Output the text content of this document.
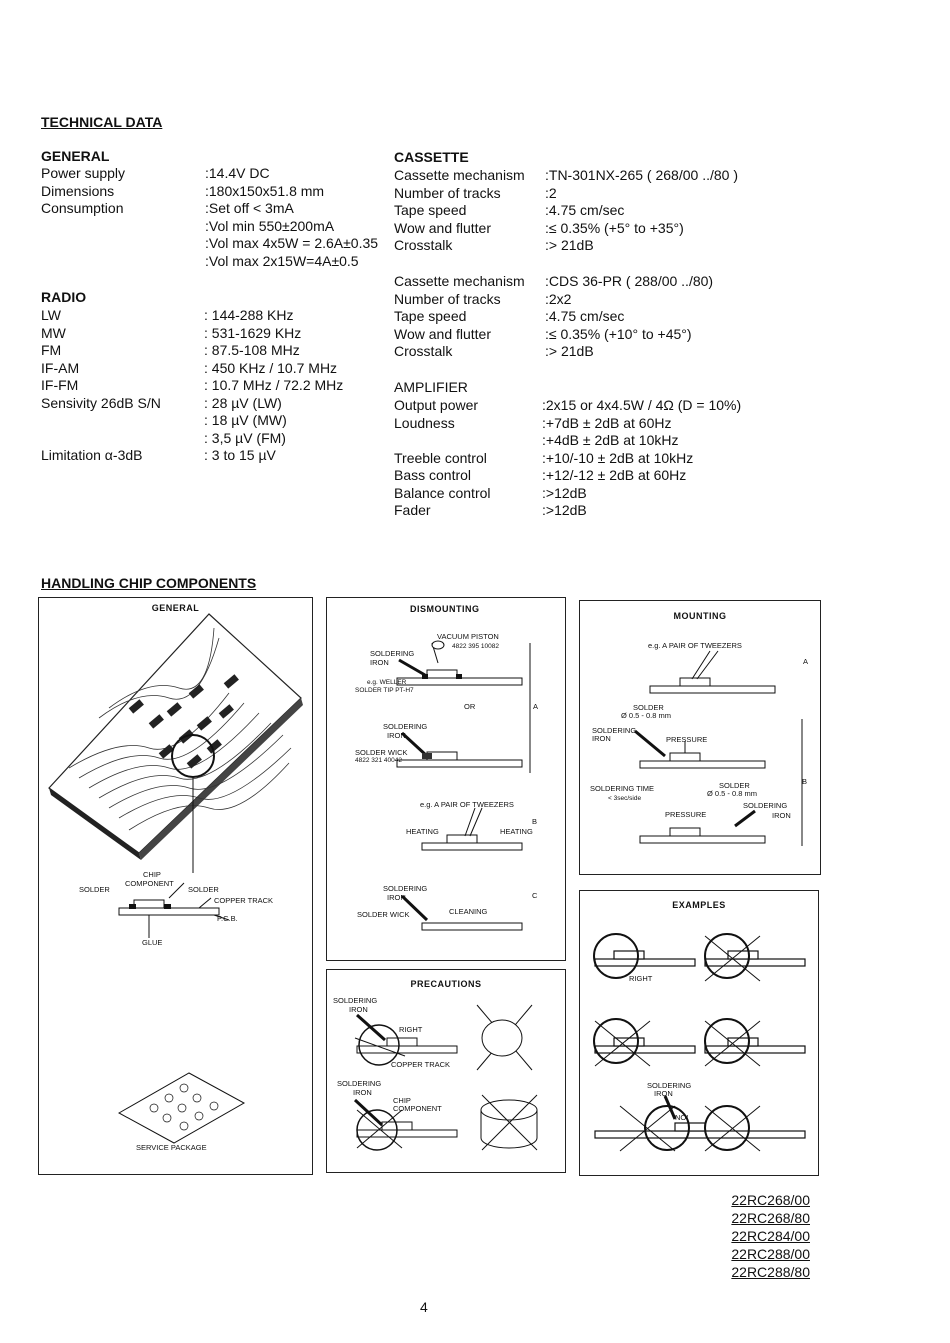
TECHNICAL DATA
GENERAL
Power supply	:14.4V DC
Dimensions	:180x150x51.8 mm
Consumption	:Set off < 3mA
:Vol min 550±200mA
:Vol max 4x5W = 2.6A±0.35
:Vol max 2x15W=4A±0.5
RADIO
LW	: 144-288 KHz
MW	: 531-1629 KHz
FM	: 87.5-108 MHz
IF-AM	: 450 KHz / 10.7 MHz
IF-FM	: 10.7 MHz / 72.2 MHz
Sensivity 26dB S/N	: 28 µV (LW)
: 18 µV (MW)
: 3,5 µV (FM)
Limitation α-3dB	: 3 to 15 µV
CASSETTE
Cassette mechanism :TN-301NX-265 ( 268/00 ../80 )
Number of tracks	:2
Tape speed	:4.75 cm/sec
Wow and flutter	:≤ 0.35% (+5° to +35°)
Crosstalk	:> 21dB
Cassette mechanism :CDS 36-PR ( 288/00 ../80)
Number of tracks	:2x2
Tape speed	:4.75 cm/sec
Wow and flutter	:≤ 0.35% (+10° to +45°)
Crosstalk	:> 21dB
AMPLIFIER
Output power	:2x15 or 4x4.5W / 4Ω (D = 10%)
Loudness	:+7dB ± 2dB at 60Hz
:+4dB ± 2dB at 10kHz
Treeble control	:+10/-10 ± 2dB at 10kHz
Bass control	:+12/-12 ± 2dB at 60Hz
Balance control	:>12dB
Fader	:>12dB
HANDLING CHIP COMPONENTS
GENERAL
CHIP
COMPONENT
SOLDER	SOLDER
COPPER TRACK
P.C.B.
GLUE
SERVICE PACKAGE
DISMOUNTING
VACUUM PISTON
4822 395 10082
SOLDERING
IRON
e.g. WELLER
SOLDER TIP PT-H7
OR	A
SOLDERING
IRON
SOLDER WICK
4822 321 40042
e.g. A PAIR OF TWEEZERS
B
HEATING	HEATING
SOLDERING
IRON	C
SOLDER WICK	CLEANING
PRECAUTIONS
SOLDERING
IRON
RIGHT
COPPER TRACK
SOLDERING
IRON
CHIP
COMPONENT
MOUNTING
e.g. A PAIR OF TWEEZERS
A
SOLDER
Ø 0.5 - 0.8 mm
SOLDERING
IRON	PRESSURE
SOLDERING TIME
< 3sec/side
SOLDER
Ø 0.5 - 0.8 mm
B
SOLDERING
IRON
PRESSURE
EXAMPLES
RIGHT
SOLDERING
IRON
NO!
22RC268/00
22RC268/80
22RC284/00
22RC288/00
22RC288/80
4
